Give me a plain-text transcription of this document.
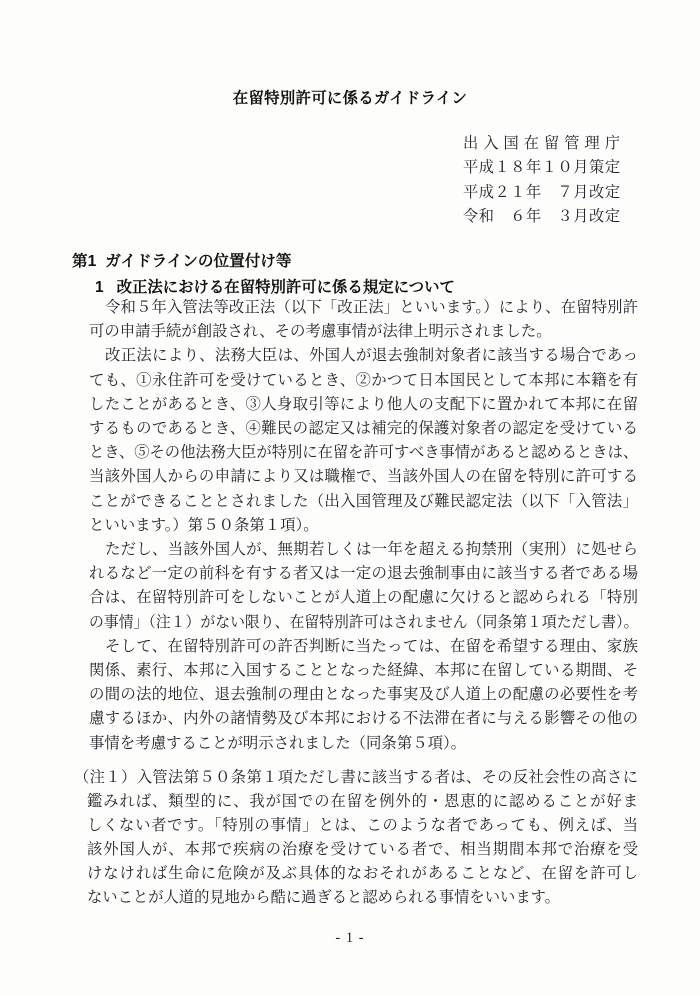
在留特別許可に係るガイドライン
出入国在留管理庁
平成１８年１０月策定
平成２１年　７月改定
令和　６年　３月改定
第1 ガイドラインの位置付け等
1 改正法における在留特別許可に係る規定について
令和５年入管法等改正法（以下「改正法」といいます。）により、在留特別許
可の申請手続が創設され、その考慮事情が法律上明示されました。
改正法により、法務大臣は、外国人が退去強制対象者に該当する場合であっ
ても、①永住許可を受けているとき、②かつて日本国民として本邦に本籍を有
したことがあるとき、③人身取引等により他人の支配下に置かれて本邦に在留
するものであるとき、④難民の認定又は補完的保護対象者の認定を受けている
とき、⑤その他法務大臣が特別に在留を許可すべき事情があると認めるときは、
当該外国人からの申請により又は職権で、当該外国人の在留を特別に許可する
ことができることとされました（出入国管理及び難民認定法（以下「入管法」
といいます。）第５０条第１項）。
ただし、当該外国人が、無期若しくは一年を超える拘禁刑（実刑）に処せら
れるなど一定の前科を有する者又は一定の退去強制事由に該当する者である場
合は、在留特別許可をしないことが人道上の配慮に欠けると認められる「特別
の事情」（注１）がない限り、在留特別許可はされません（同条第１項ただし書）。
そして、在留特別許可の許否判断に当たっては、在留を希望する理由、家族
関係、素行、本邦に入国することとなった経緯、本邦に在留している期間、そ
の間の法的地位、退去強制の理由となった事実及び人道上の配慮の必要性を考
慮するほか、内外の諸情勢及び本邦における不法滞在者に与える影響その他の
事情を考慮することが明示されました（同条第５項）。
（注１）入管法第５０条第１項ただし書に該当する者は、その反社会性の高さに
鑑みれば、類型的に、我が国での在留を例外的・恩恵的に認めることが好ま
しくない者です。「特別の事情」とは、このような者であっても、例えば、当
該外国人が、本邦で疾病の治療を受けている者で、相当期間本邦で治療を受
けなければ生命に危険が及ぶ具体的なおそれがあることなど、在留を許可し
ないことが人道的見地から酷に過ぎると認められる事情をいいます。
- 1 -
